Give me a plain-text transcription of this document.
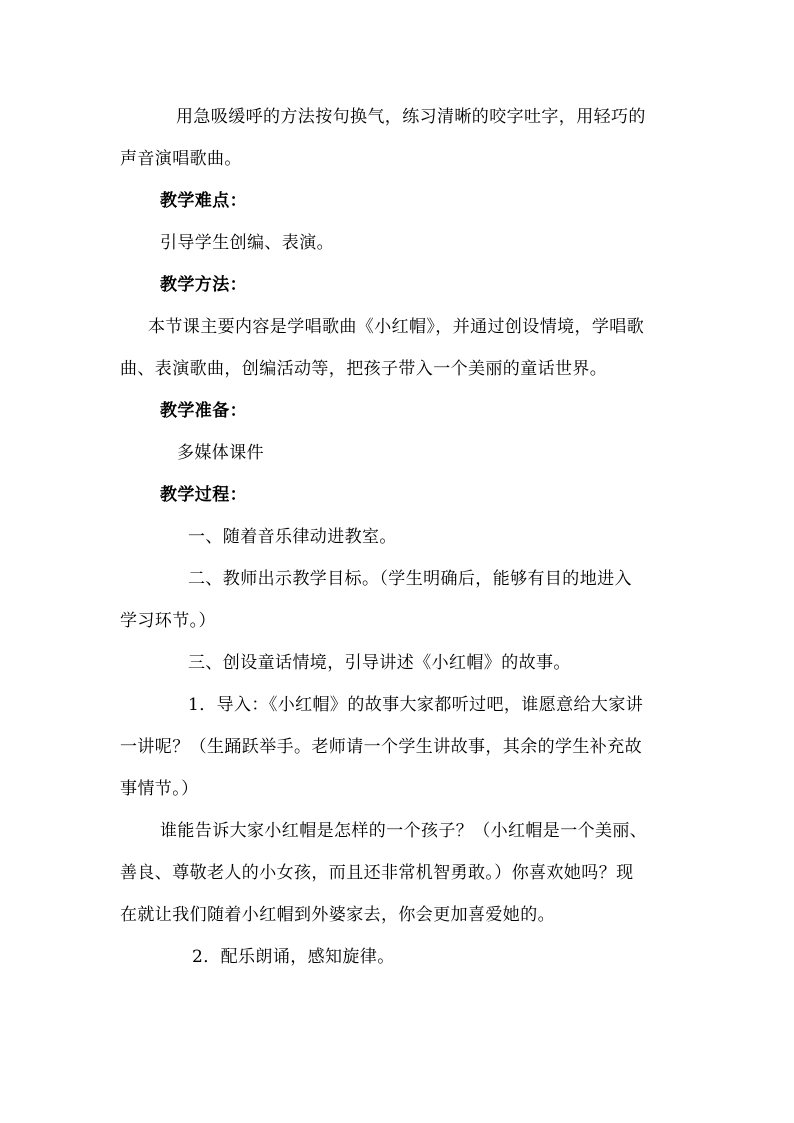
用急吸缓呼的方法按句换气，练习清晰的咬字吐字，用轻巧的
声音演唱歌曲。
教学难点：
引导学生创编、表演。
教学方法：
本节课主要内容是学唱歌曲《小红帽》，并通过创设情境，学唱歌
曲、表演歌曲，创编活动等，把孩子带入一个美丽的童话世界。
教学准备：
多媒体课件
教学过程：
一、随着音乐律动进教室。
二、教师出示教学目标。（学生明确后，能够有目的地进入
学习环节。）
三、创设童话情境，引导讲述《小红帽》的故事。
1．导入：《小红帽》的故事大家都听过吧，谁愿意给大家讲
一讲呢？（生踊跃举手。老师请一个学生讲故事，其余的学生补充故
事情节。）
谁能告诉大家小红帽是怎样的一个孩子？（小红帽是一个美丽、
善良、尊敬老人的小女孩，而且还非常机智勇敢。）你喜欢她吗？现
在就让我们随着小红帽到外婆家去，你会更加喜爱她的。
2．配乐朗诵，感知旋律。
